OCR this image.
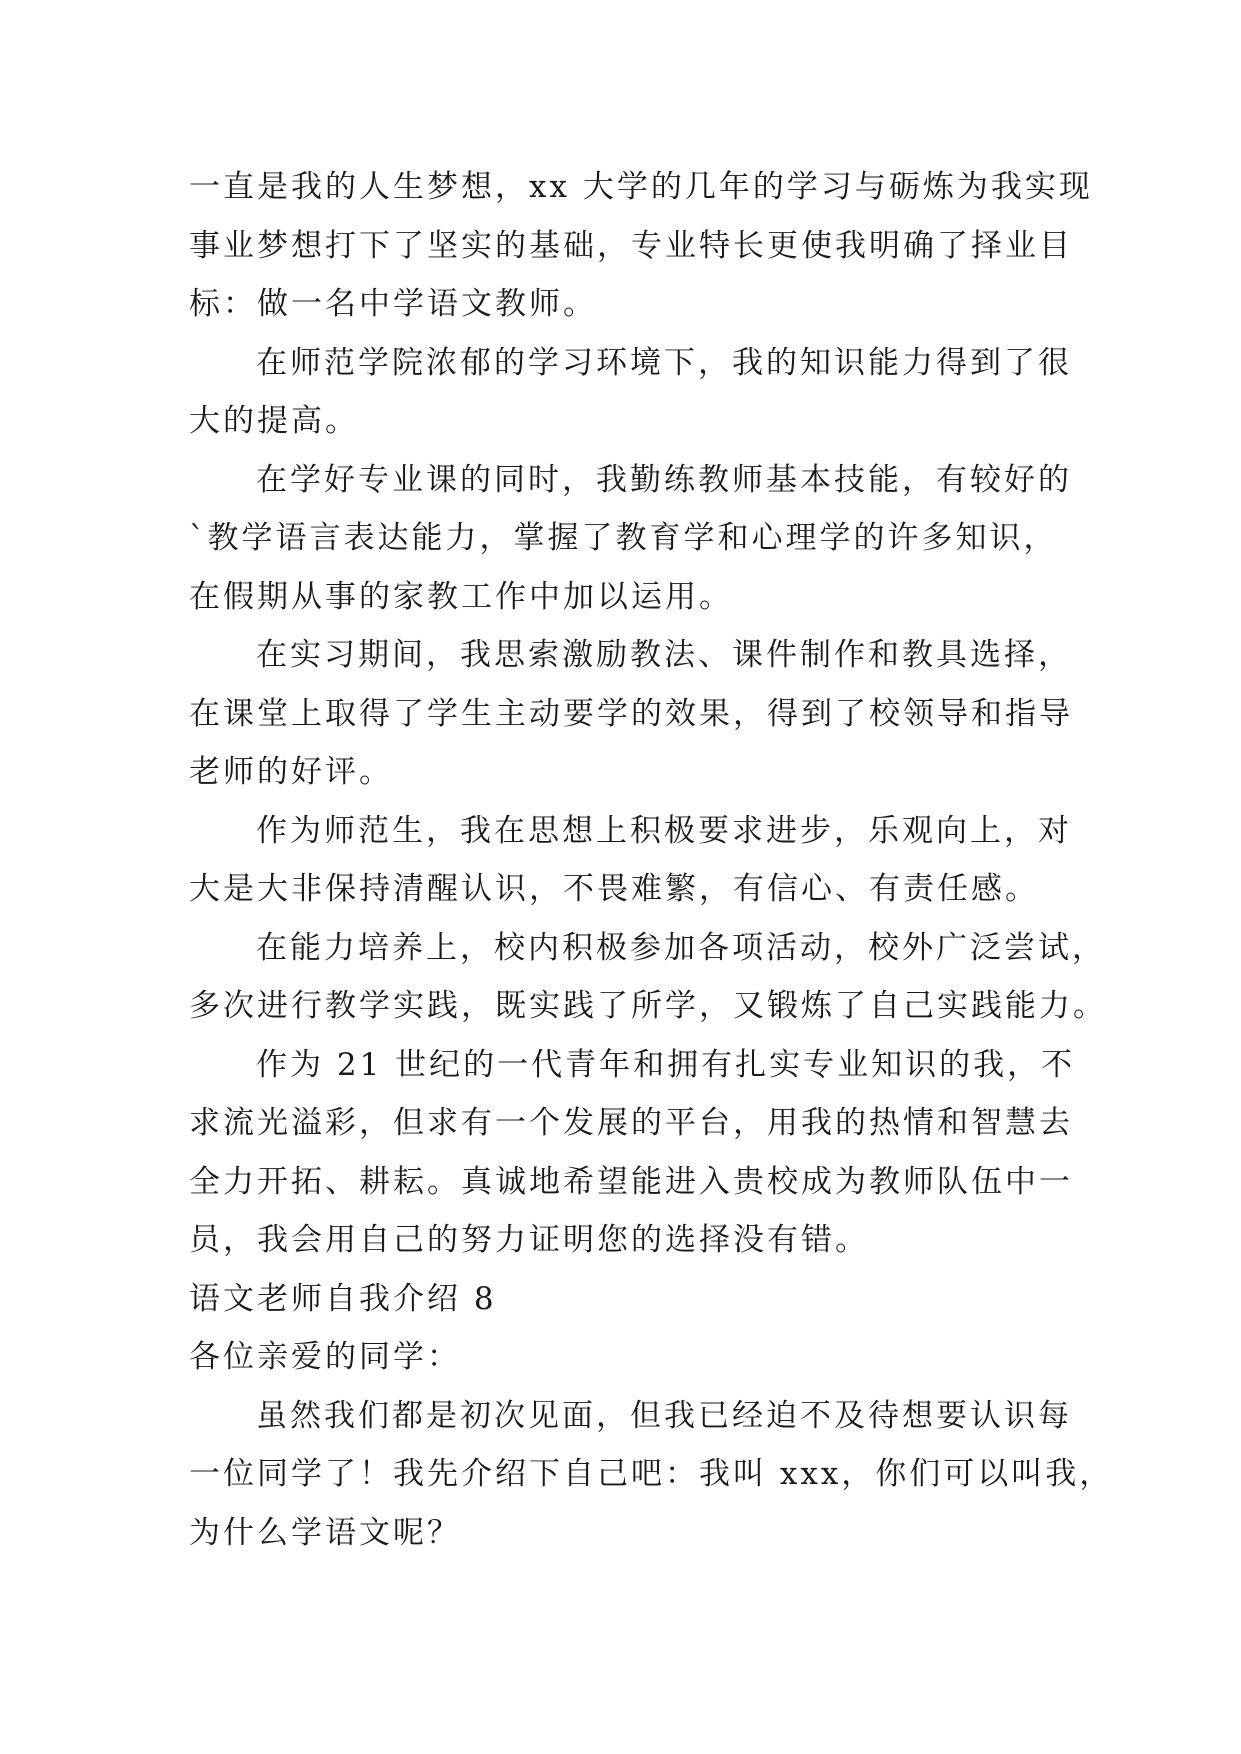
一直是我的人生梦想，xx 大学的几年的学习与砺炼为我实现
事业梦想打下了坚实的基础，专业特长更使我明确了择业目
标：做一名中学语文教师。
在师范学院浓郁的学习环境下，我的知识能力得到了很
大的提高。
在学好专业课的同时，我勤练教师基本技能，有较好的
`教学语言表达能力，掌握了教育学和心理学的许多知识，
在假期从事的家教工作中加以运用。
在实习期间，我思索激励教法、课件制作和教具选择，
在课堂上取得了学生主动要学的效果，得到了校领导和指导
老师的好评。
作为师范生，我在思想上积极要求进步，乐观向上，对
大是大非保持清醒认识，不畏难繁，有信心、有责任感。
在能力培养上，校内积极参加各项活动，校外广泛尝试，
多次进行教学实践，既实践了所学，又锻炼了自己实践能力。
作为 21 世纪的一代青年和拥有扎实专业知识的我，不
求流光溢彩，但求有一个发展的平台，用我的热情和智慧去
全力开拓、耕耘。真诚地希望能进入贵校成为教师队伍中一
员，我会用自己的努力证明您的选择没有错。
语文老师自我介绍 8
各位亲爱的同学：
虽然我们都是初次见面，但我已经迫不及待想要认识每
一位同学了！我先介绍下自己吧：我叫 xxx，你们可以叫我，
为什么学语文呢？
